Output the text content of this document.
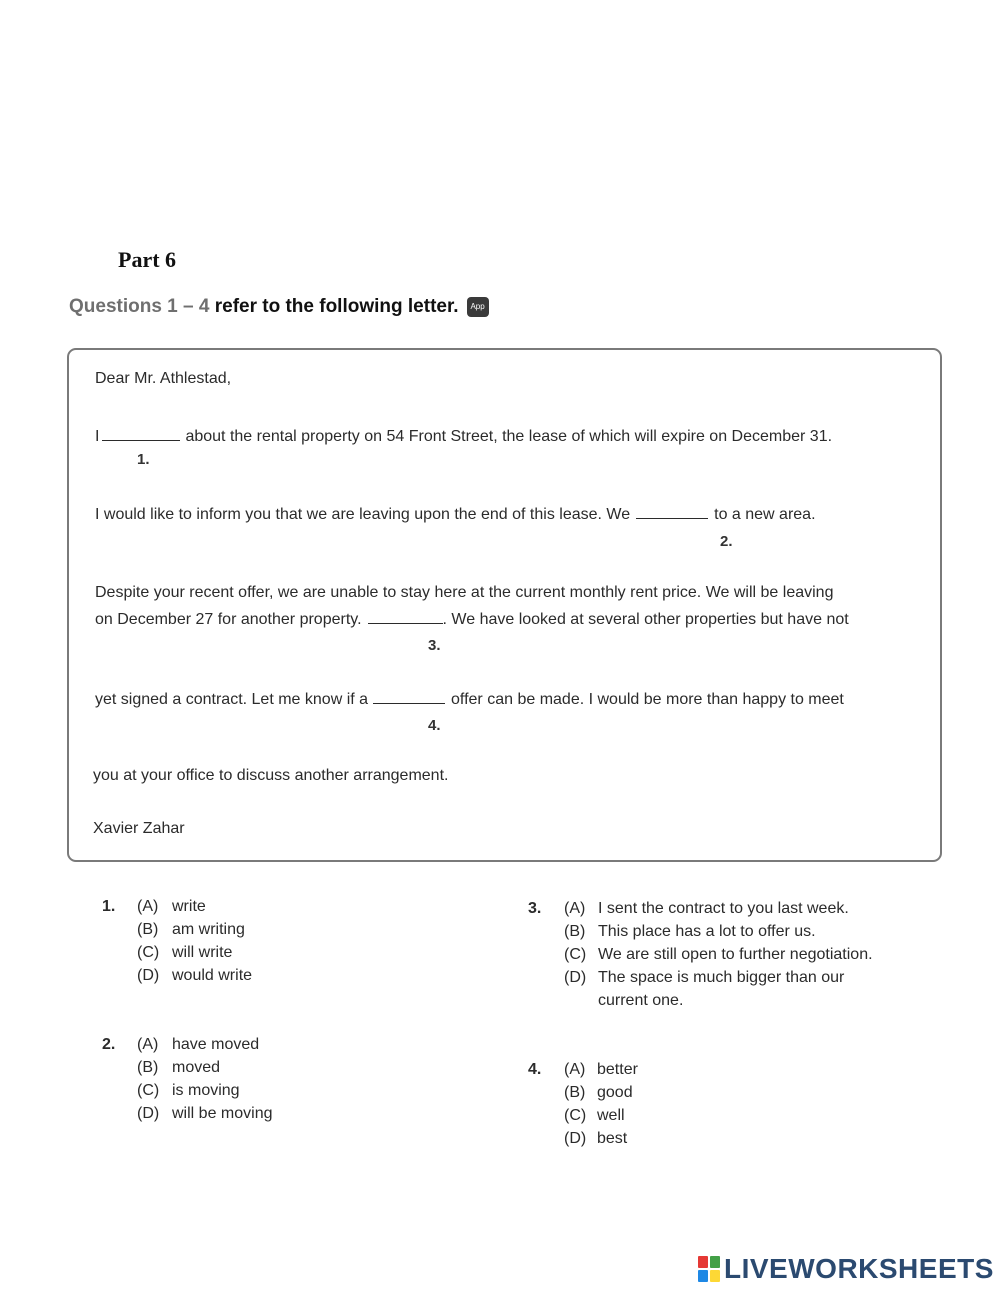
Part 6
Questions 1 – 4 refer to the following letter. App
Dear Mr. Athlestad,
I	about the rental property on 54 Front Street, the lease of which will expire on December 31.
1.
I would like to inform you that we are leaving upon the end of this lease. We	to a new area.
2.
Despite your recent offer, we are unable to stay here at the current monthly rent price. We will be leaving
on December 27 for another property.	. We have looked at several other properties but have not
3.
yet signed a contract. Let me know if a	offer can be made. I would be more than happy to meet
4.
you at your office to discuss another arrangement.
Xavier Zahar
1. (A) write
(B) am writing
(C) will write
(D) would write
2. (A) have moved
(B) moved
(C) is moving
(D) will be moving
3. (A) I sent the contract to you last week.
(B) This place has a lot to offer us.
(C) We are still open to further negotiation.
(D) The space is much bigger than our
current one.
4. (A) better
(B) good
(C) well
(D) best
LIVEWORKSHEETS
